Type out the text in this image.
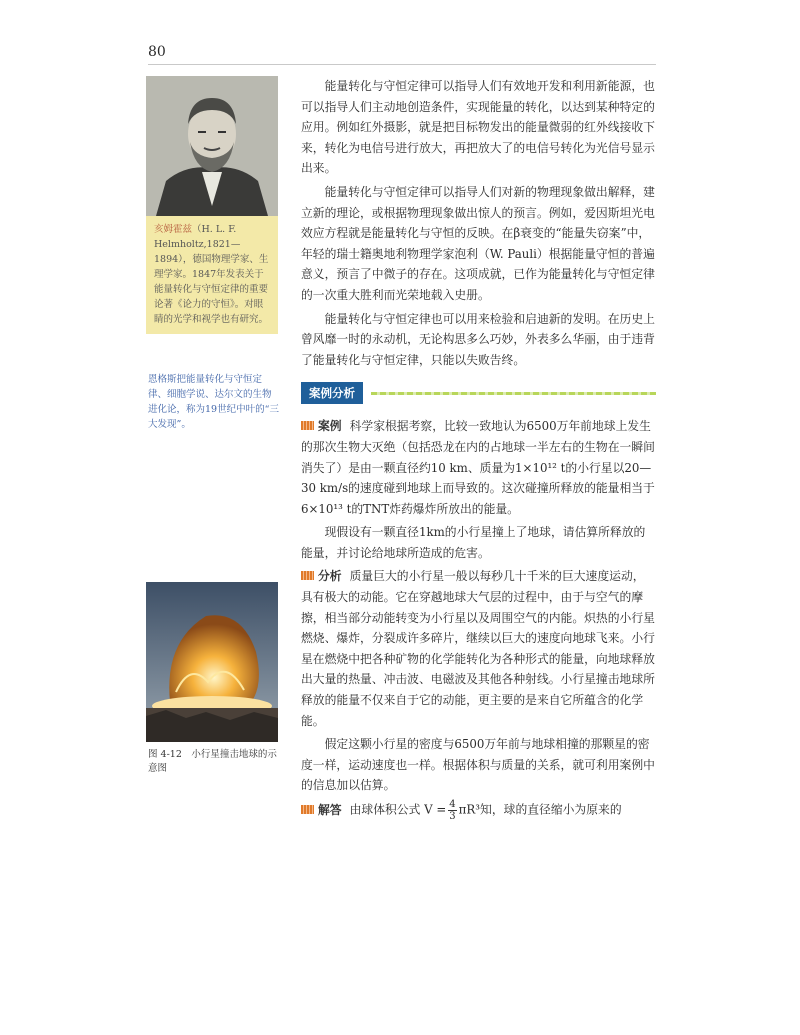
80
亥姆霍兹（H. L. F. Helmholtz,1821—1894），德国物理学家、生理学家。1847年发表关于能量转化与守恒定律的重要论著《论力的守恒》。对眼睛的光学和视学也有研究。
恩格斯把能量转化与守恒定律、细胞学说、达尔文的生物进化论，称为19世纪中叶的“三大发现”。
图 4-12　小行星撞击地球的示意图

能量转化与守恒定律可以指导人们有效地开发和利用新能源，也可以指导人们主动地创造条件，实现能量的转化，以达到某种特定的应用。例如红外摄影，就是把目标物发出的能量微弱的红外线接收下来，转化为电信号进行放大，再把放大了的电信号转化为光信号显示出来。

能量转化与守恒定律可以指导人们对新的物理现象做出解释，建立新的理论，或根据物理现象做出惊人的预言。例如，爱因斯坦光电效应方程就是能量转化与守恒的反映。在β衰变的“能量失窃案”中，年轻的瑞士籍奥地利物理学家泡利（W. Pauli）根据能量守恒的普遍意义，预言了中微子的存在。这项成就，已作为能量转化与守恒定律的一次重大胜利而光荣地载入史册。

能量转化与守恒定律也可以用来检验和启迪新的发明。在历史上曾风靡一时的永动机，无论构思多么巧妙，外表多么华丽，由于违背了能量转化与守恒定律，只能以失败告终。

案例分析

案例 科学家根据考察，比较一致地认为6500万年前地球上发生的那次生物大灭绝（包括恐龙在内的占地球一半左右的生物在一瞬间消失了）是由一颗直径约10 km、质量为1×10¹² t的小行星以20—30 km/s的速度碰到地球上而导致的。这次碰撞所释放的能量相当于6×10¹³ t的TNT炸药爆炸所放出的能量。

现假设有一颗直径1km的小行星撞上了地球，请估算所释放的能量，并讨论给地球所造成的危害。

分析 质量巨大的小行星一般以每秒几十千米的巨大速度运动，具有极大的动能。它在穿越地球大气层的过程中，由于与空气的摩擦，相当部分动能转变为小行星以及周围空气的内能。炽热的小行星燃烧、爆炸，分裂成许多碎片，继续以巨大的速度向地球飞来。小行星在燃烧中把各种矿物的化学能转化为各种形式的能量，向地球释放出大量的热量、冲击波、电磁波及其他各种射线。小行星撞击地球所释放的能量不仅来自于它的动能，更主要的是来自它所蕴含的化学能。

假定这颗小行星的密度与6500万年前与地球相撞的那颗星的密度一样，运动速度也一样。根据体积与质量的关系，就可利用案例中的信息加以估算。

解答 由球体积公式 $V = \frac{4}{3} \pi R^3$知，球的直径缩小为原来的
